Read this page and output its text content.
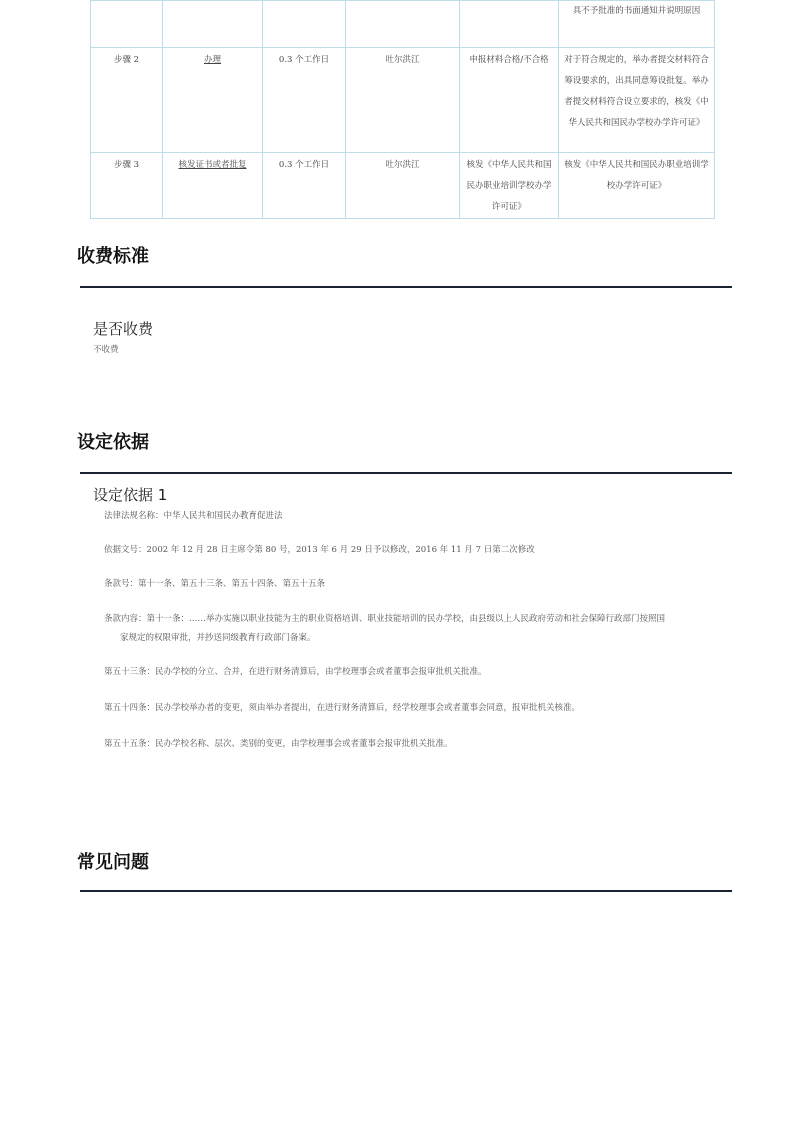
					具不予批准的书面通知并说明原因
步骤 2	办理	0.3 个工作日	吐尔洪江	申报材料合格/不合格	对于符合规定的，举办者提交材料符合筹设要求的，出具同意筹设批复。举办者提交材料符合设立要求的，核发《中华人民共和国民办学校办学许可证》
步骤 3	核发证书或者批复	0.3 个工作日	吐尔洪江	核发《中华人民共和国民办职业培训学校办学许可证》	核发《中华人民共和国民办职业培训学校办学许可证》
收费标准
是否收费
不收费
设定依据
设定依据 1
法律法规名称：中华人民共和国民办教育促进法
依据文号：2002 年 12 月 28 日主席令第 80 号，2013 年 6 月 29 日予以修改，2016 年 11 月 7 日第二次修改
条款号：第十一条、第五十三条、第五十四条、第五十五条
条款内容：第十一条：……举办实施以职业技能为主的职业资格培训、职业技能培训的民办学校，由县级以上人民政府劳动和社会保障行政部门按照国
家规定的权限审批，并抄送同级教育行政部门备案。
第五十三条：民办学校的分立、合并，在进行财务清算后，由学校理事会或者董事会报审批机关批准。
第五十四条：民办学校举办者的变更，须由举办者提出，在进行财务清算后，经学校理事会或者董事会同意，报审批机关核准。
第五十五条：民办学校名称、层次、类别的变更，由学校理事会或者董事会报审批机关批准。
常见问题
